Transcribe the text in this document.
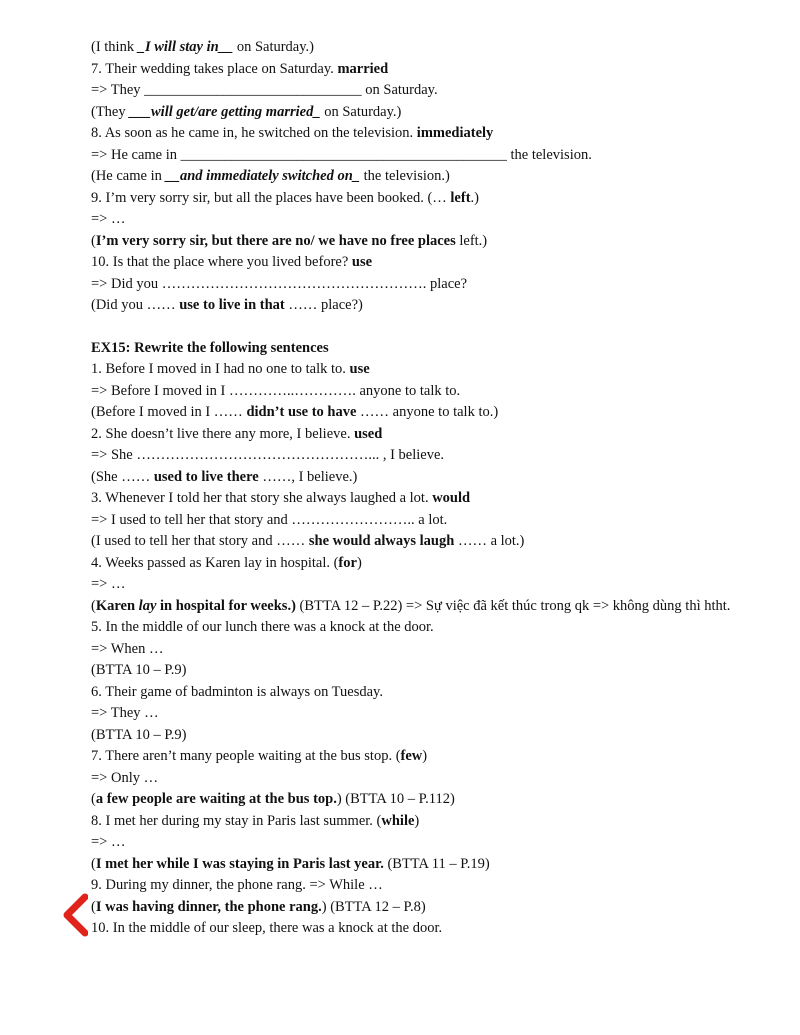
(I think _I will stay in__ on Saturday.)
7. Their wedding takes place on Saturday. married
=> They ______________________________ on Saturday.
(They ___will get/are getting married_ on Saturday.)
8. As soon as he came in, he switched on the television. immediately
=> He came in _____________________________________________ the television.
(He came in __and immediately switched on_ the television.)
9. I’m very sorry sir, but all the places have been booked. (… left.)
=> …
(I’m very sorry sir, but there are no/ we have no free places left.)
10. Is that the place where you lived before? use
=> Did you ………………………………………………. place?
(Did you …… use to live in that …… place?)
EX15: Rewrite the following sentences
1. Before I moved in I had no one to talk to. use
=> Before I moved in I …………..…………. anyone to talk to.
(Before I moved in I …… didn’t use to have …… anyone to talk to.)
2. She doesn’t live there any more, I believe. used
=> She …………………………………………... , I believe.
(She …… used to live there ……, I believe.)
3. Whenever I told her that story she always laughed a lot. would
=> I used to tell her that story and …………………….. a lot.
(I used to tell her that story and …… she would always laugh …… a lot.)
4. Weeks passed as Karen lay in hospital. (for)
=> …
(Karen lay in hospital for weeks.) (BTTA 12 – P.22) => Sự việc đã kết thúc trong qk => không dùng thì htht.
5. In the middle of our lunch there was a knock at the door.
=> When …
(BTTA 10 – P.9)
6. Their game of badminton is always on Tuesday.
=> They …
(BTTA 10 – P.9)
7. There aren’t many people waiting at the bus stop. (few)
=> Only …
(a few people are waiting at the bus top.) (BTTA 10 – P.112)
8. I met her during my stay in Paris last summer. (while)
=> …
(I met her while I was staying in Paris last year. (BTTA 11 – P.19)
9. During my dinner, the phone rang. => While …
(I was having dinner, the phone rang.) (BTTA 12 – P.8)
10. In the middle of our sleep, there was a knock at the door.
